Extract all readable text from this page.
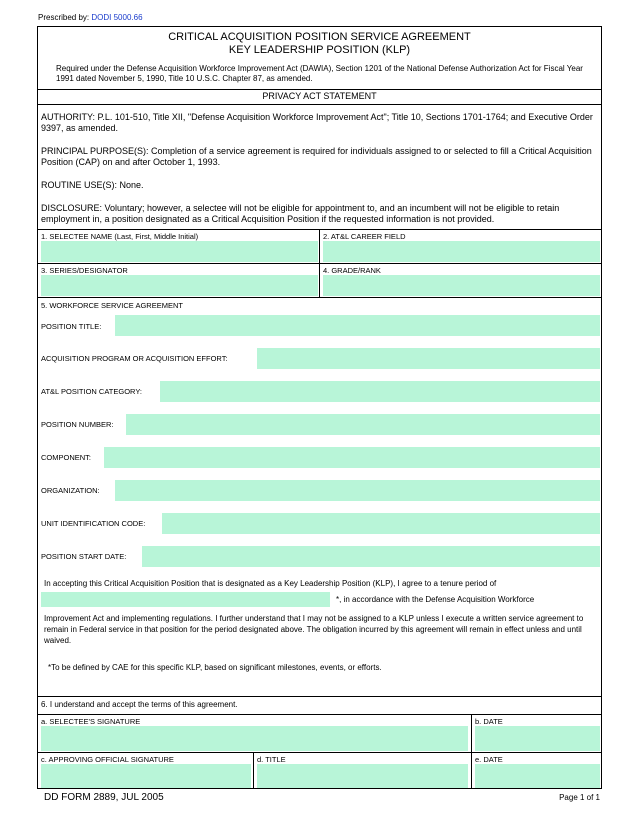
Prescribed by: DODI 5000.66
CRITICAL ACQUISITION POSITION SERVICE AGREEMENT
KEY LEADERSHIP POSITION (KLP)
Required under the Defense Acquisition Workforce Improvement Act (DAWIA), Section 1201 of the National Defense Authorization Act for Fiscal Year 1991 dated November 5, 1990, Title 10 U.S.C. Chapter 87, as amended.
PRIVACY ACT STATEMENT
AUTHORITY: P.L. 101-510, Title XII, "Defense Acquisition Workforce Improvement Act"; Title 10, Sections 1701-1764; and Executive Order 9397, as amended.
PRINCIPAL PURPOSE(S): Completion of a service agreement is required for individuals assigned to or selected to fill a Critical Acquisition Position (CAP) on and after October 1, 1993.
ROUTINE USE(S): None.
DISCLOSURE: Voluntary; however, a selectee will not be eligible for appointment to, and an incumbent will not be eligible to retain employment in, a position designated as a Critical Acquisition Position if the requested information is not provided.
1. SELECTEE NAME (Last, First, Middle Initial)	2. AT&L CAREER FIELD
3. SERIES/DESIGNATOR	4. GRADE/RANK
5. WORKFORCE SERVICE AGREEMENT
POSITION TITLE:
ACQUISITION PROGRAM OR ACQUISITION EFFORT:
AT&L POSITION CATEGORY:
POSITION NUMBER:
COMPONENT:
ORGANIZATION:
UNIT IDENTIFICATION CODE:
POSITION START DATE:
In accepting this Critical Acquisition Position that is designated as a Key Leadership Position (KLP), I agree to a tenure period of
*, in accordance with the Defense Acquisition Workforce
Improvement Act and implementing regulations. I further understand that I may not be assigned to a KLP unless I execute a written service agreement to remain in Federal service in that position for the period designated above. The obligation incurred by this agreement will remain in effect unless and until waived.
*To be defined by CAE for this specific KLP, based on significant milestones, events, or efforts.
6. I understand and accept the terms of this agreement.
a. SELECTEE'S SIGNATURE	b. DATE
c. APPROVING OFFICIAL SIGNATURE	d. TITLE	e. DATE
DD FORM 2889, JUL 2005	Page 1 of 1
